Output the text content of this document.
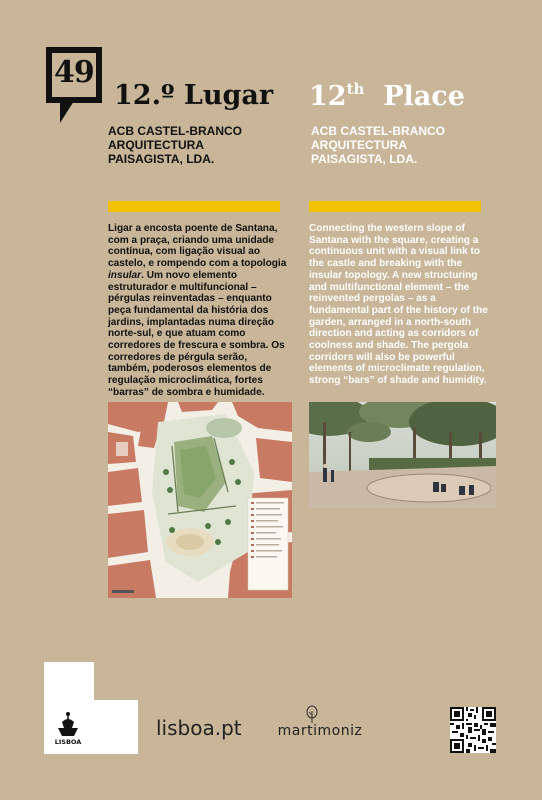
49
12.º Lugar 12th Place
ACB CASTEL-BRANCO
ARQUITECTURA
PAISAGISTA, LDA.
ACB CASTEL-BRANCO
ARQUITECTURA
PAISAGISTA, LDA.
Ligar a encosta poente de Santana, com a praça, criando uma unidade contínua, com ligação visual ao castelo, e rompendo com a topologia insular. Um novo elemento estruturador e multifuncional – pérgulas reinventadas – enquanto peça fundamental da história dos jardins, implantadas numa direção norte-sul, e que atuam como corredores de frescura e sombra. Os corredores de pérgula serão, também, poderosos elementos de regulação microclimática, fortes “barras” de sombra e humidade.
Connecting the western slope of Santana with the square, creating a continuous unit with a visual link to the castle and breaking with the insular topology. A new structuring and multifunctional element – the reinvented pergolas – as a fundamental part of the history of the garden, arranged in a north-south direction and acting as corridors of coolness and shade. The pergola corridors will also be powerful elements of microclimate regulation, strong “bars” of shade and humidity.
LISBOA
lisboa.pt	martimoniz
